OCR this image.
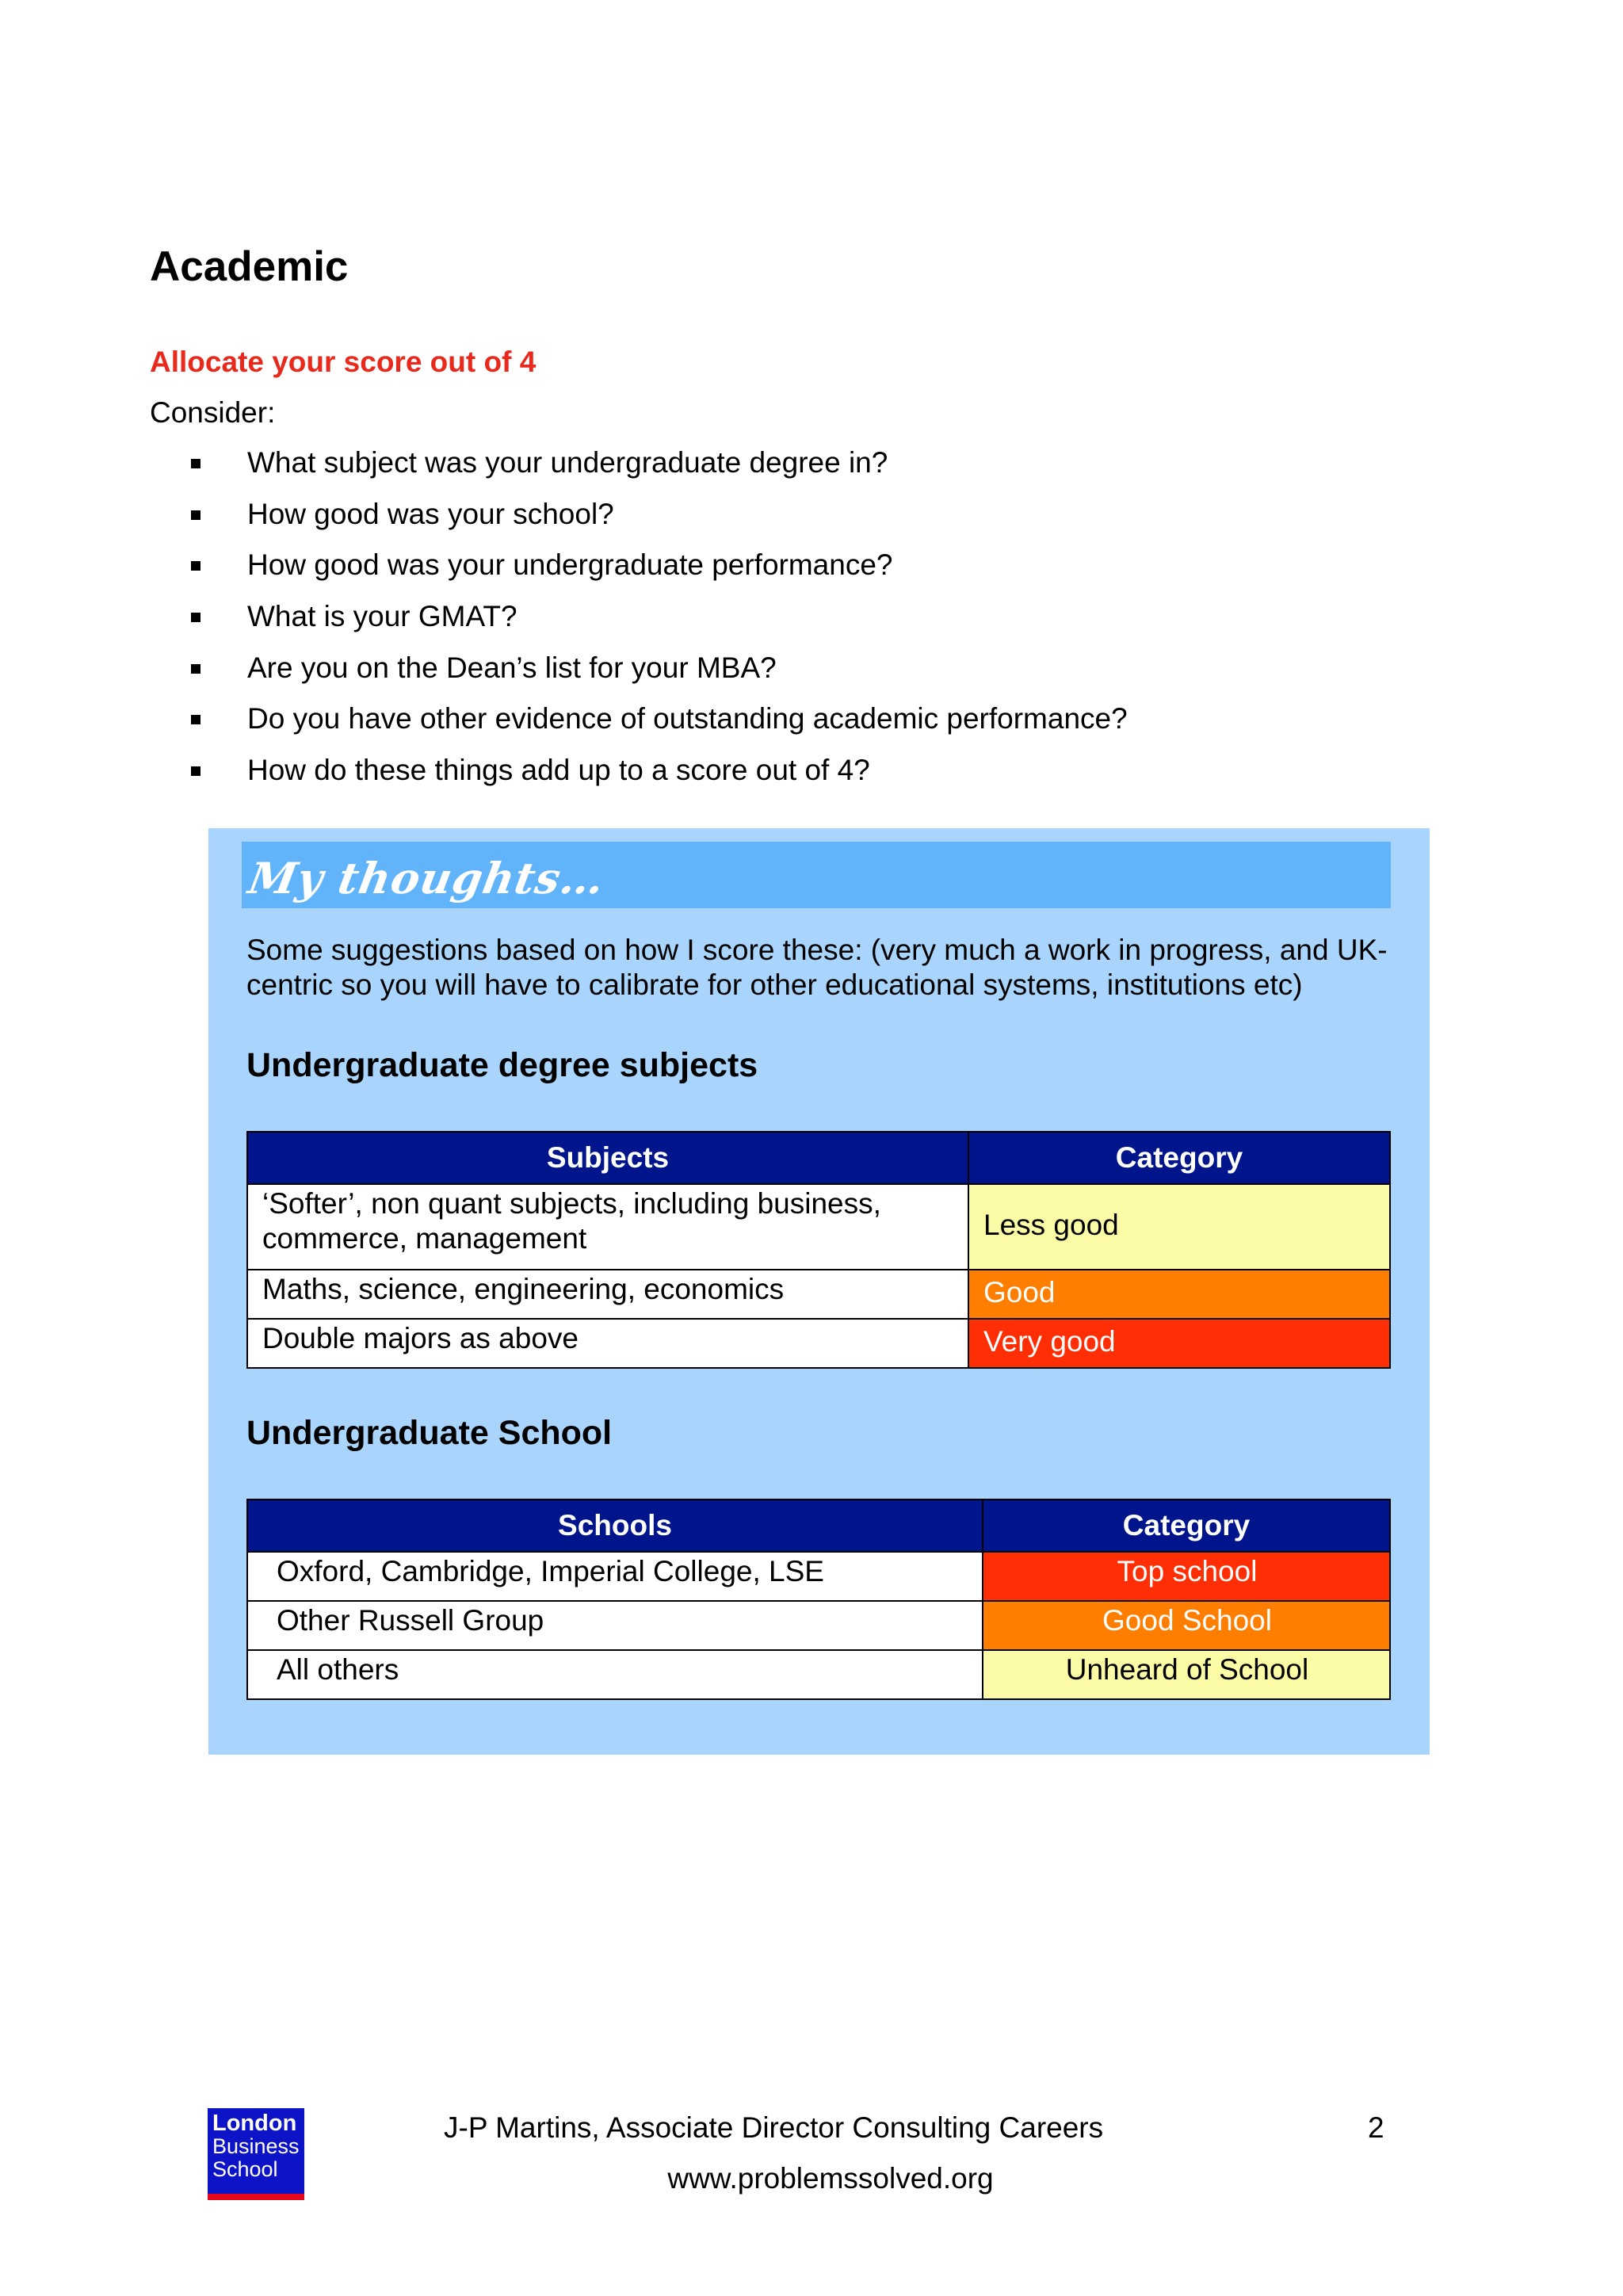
Academic
Allocate your score out of 4
Consider:
What subject was your undergraduate degree in?
How good was your school?
How good was your undergraduate performance?
What is your GMAT?
Are you on the Dean’s list for your MBA?
Do you have other evidence of outstanding academic performance?
How do these things add up to a score out of 4?
My thoughts…
Some suggestions based on how I score these: (very much a work in progress, and UK-centric so you will have to calibrate for other educational systems, institutions etc)
Undergraduate degree subjects
Subjects	Category
‘Softer’, non quant subjects, including business, commerce, management	Less good
Maths, science, engineering, economics	Good
Double majors as above	Very good
Undergraduate School
Schools	Category
Oxford, Cambridge, Imperial College, LSE	Top school
Other Russell Group	Good School
All others	Unheard of School
London
Business
School
J-P Martins, Associate Director Consulting Careers	2
www.problemssolved.org
